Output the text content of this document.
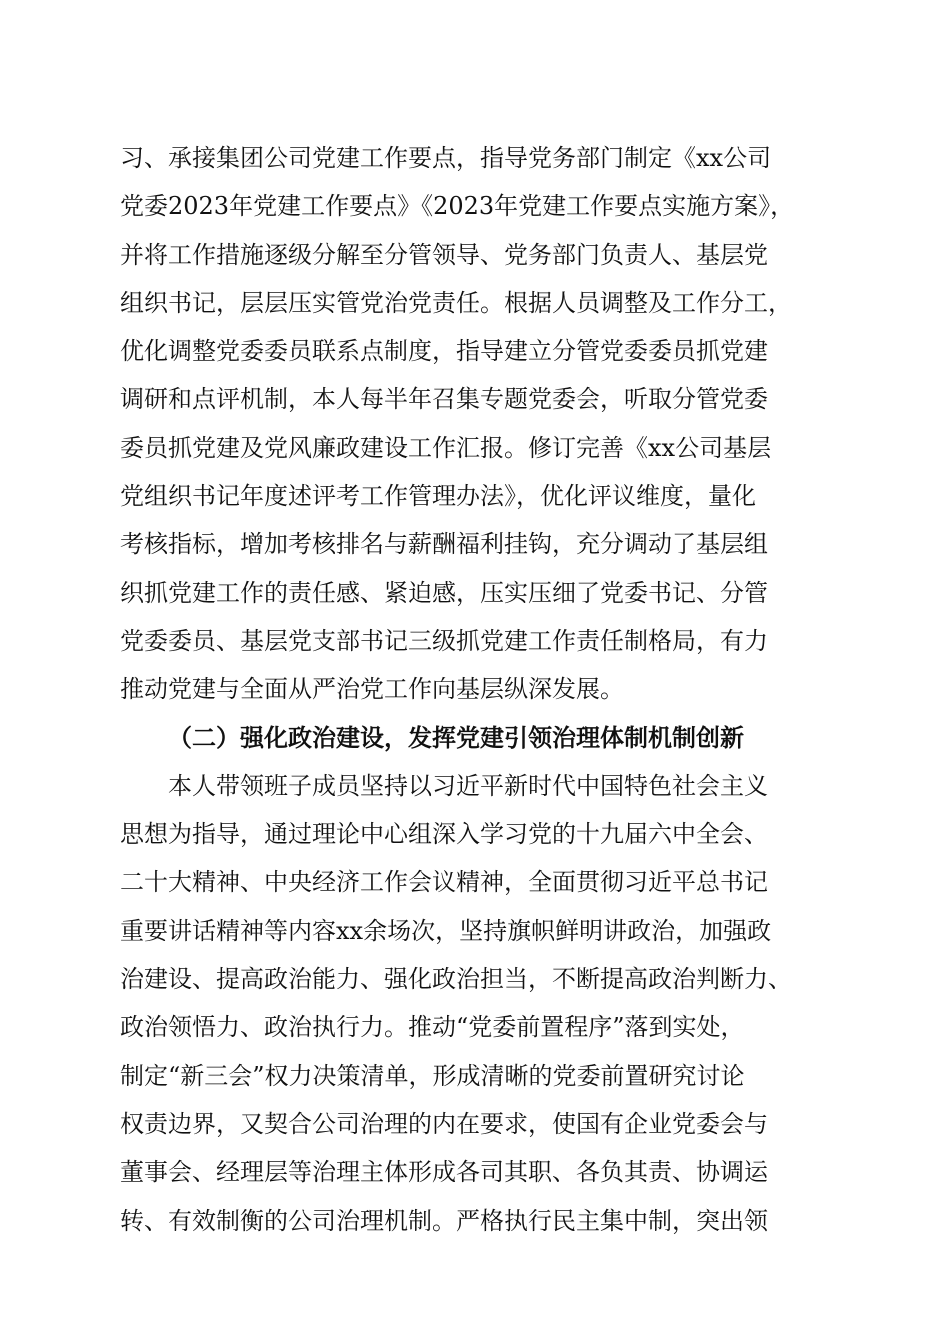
习、承接集团公司党建工作要点，指导党务部门制定《xx公司
党委2023年党建工作要点》《2023年党建工作要点实施方案》，
并将工作措施逐级分解至分管领导、党务部门负责人、基层党
组织书记，层层压实管党治党责任。根据人员调整及工作分工，
优化调整党委委员联系点制度，指导建立分管党委委员抓党建
调研和点评机制，本人每半年召集专题党委会，听取分管党委
委员抓党建及党风廉政建设工作汇报。修订完善《xx公司基层
党组织书记年度述评考工作管理办法》，优化评议维度，量化
考核指标，增加考核排名与薪酬福利挂钩，充分调动了基层组
织抓党建工作的责任感、紧迫感，压实压细了党委书记、分管
党委委员、基层党支部书记三级抓党建工作责任制格局，有力
推动党建与全面从严治党工作向基层纵深发展。
（二）强化政治建设，发挥党建引领治理体制机制创新
本人带领班子成员坚持以习近平新时代中国特色社会主义
思想为指导，通过理论中心组深入学习党的十九届六中全会、
二十大精神、中央经济工作会议精神，全面贯彻习近平总书记
重要讲话精神等内容xx余场次，坚持旗帜鲜明讲政治，加强政
治建设、提高政治能力、强化政治担当，不断提高政治判断力、
政治领悟力、政治执行力。推动“党委前置程序”落到实处，
制定“新三会”权力决策清单，形成清晰的党委前置研究讨论
权责边界，又契合公司治理的内在要求，使国有企业党委会与
董事会、经理层等治理主体形成各司其职、各负其责、协调运
转、有效制衡的公司治理机制。严格执行民主集中制，突出领
